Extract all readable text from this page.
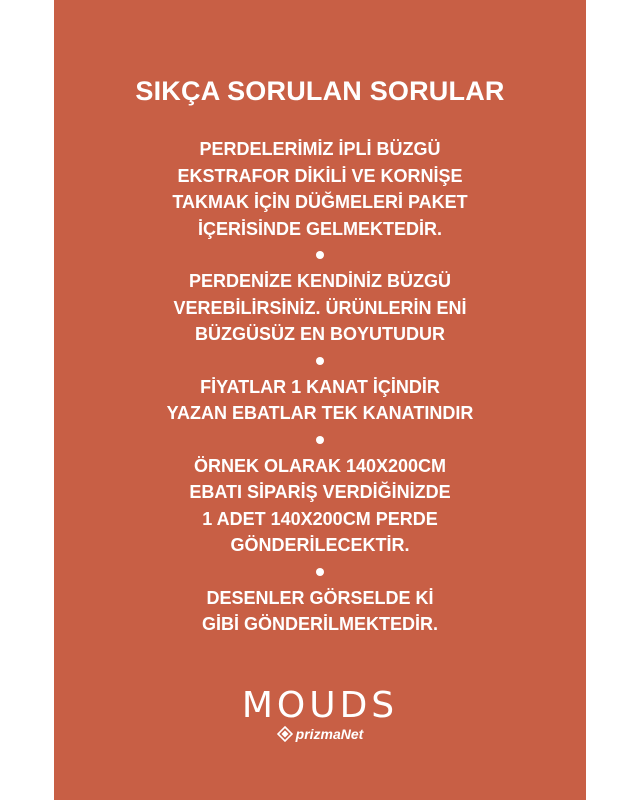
SIKÇA SORULAN SORULAR
PERDELERİMİZ İPLİ BÜZGÜ
EKSTRAFOR DİKİLİ VE KORNİŞE
TAKMAK İÇİN DÜĞMELERİ PAKET
İÇERİSİNDE GELMEKTEDİR.
PERDENİZE KENDİNİZ BÜZGÜ
VEREBİLİRSİNİZ. ÜRÜNLERİN ENİ
BÜZGÜSÜZ EN BOYUTUDUR
FİYATLAR 1 KANAT İÇİNDİR
YAZAN EBATLAR TEK KANATINDIR
ÖRNEK OLARAK 140X200CM
EBATI SİPARİŞ VERDİĞİNİZDE
1 ADET 140X200CM PERDE
GÖNDERİLECEKTİR.
DESENLER GÖRSELDE Kİ
GİBİ GÖNDERİLMEKTEDİR.
MOUDS
prizmaNet
